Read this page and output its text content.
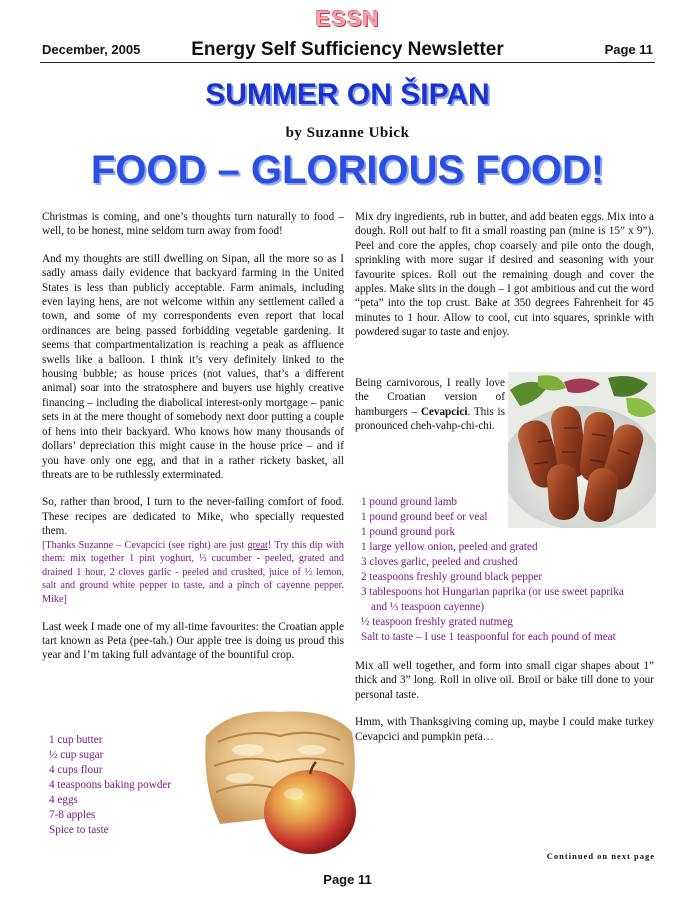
ESSN
December, 2005	Energy Self Sufficiency Newsletter	Page 11
SUMMER ON ŠIPAN
by Suzanne Ubick
FOOD – GLORIOUS FOOD!

Christmas is coming, and one’s thoughts turn naturally to food – well, to be honest, mine seldom turn away from food!

And my thoughts are still dwelling on Sipan, all the more so as I sadly amass daily evidence that backyard farming in the United States is less than publicly acceptable. Farm animals, including even laying hens, are not welcome within any settlement called a town, and some of my correspondents even report that local ordinances are being passed forbidding vegetable gardening. It seems that compartmentalization is reaching a peak as affluence swells like a balloon. I think it’s very definitely linked to the housing bubble; as house prices (not values, that’s a different animal) soar into the stratosphere and buyers use highly creative financing – including the diabolical interest-only mortgage – panic sets in at the mere thought of somebody next door putting a couple of hens into their backyard. Who knows how many thousands of dollars’ depreciation this might cause in the house price – and if you have only one egg, and that in a rather rickety basket, all threats are to be ruthlessly exterminated.

So, rather than brood, I turn to the never-failing comfort of food. These recipes are dedicated to Mike, who specially requested them.

[Thanks Suzanne – Cevapcici (see right) are just great! Try this dip with them: mix together 1 pint yoghurt, ½ cucumber - peeled, grated and drained 1 hour, 2 cloves garlic - peeled and crushed, juice of ½ lemon, salt and ground white pepper to taste, and a pinch of cayenne pepper. Mike]

Last week I made one of my all-time favourites: the Croatian apple tart known as Peta (pee-tah.) Our apple tree is doing us proud this year and I’m taking full advantage of the bountiful crop.

1 cup butter
½ cup sugar
4 cups flour
4 teaspoons baking powder
4 eggs
7-8 apples
Spice to taste

Mix dry ingredients, rub in butter, and add beaten eggs. Mix into a dough. Roll out half to fit a small roasting pan (mine is 15” x 9”). Peel and core the apples, chop coarsely and pile onto the dough, sprinkling with more sugar if desired and seasoning with your favourite spices. Roll out the remaining dough and cover the apples. Make slits in the dough – I got ambitious and cut the word “peta” into the top crust. Bake at 350 degrees Fahrenheit for 45 minutes to 1 hour. Allow to cool, cut into squares, sprinkle with powdered sugar to taste and enjoy.

Being carnivorous, I really love the Croatian version of hamburgers – Cevapcici. This is pronounced cheh-vahp-chi-chi.

1 pound ground lamb
1 pound ground beef or veal
1 pound ground pork
1 large yellow onion, peeled and grated
3 cloves garlic, peeled and crushed
2 teaspoons freshly ground black pepper
3 tablespoons hot Hungarian paprika (or use sweet paprika
and ⅓ teaspoon cayenne)
½ teaspoon freshly grated nutmeg
Salt to taste – I use 1 teaspoonful for each pound of meat

Mix all well together, and form into small cigar shapes about 1” thick and 3” long. Roll in olive oil. Broil or bake till done to your personal taste.

Hmm, with Thanksgiving coming up, maybe I could make turkey Cevapcici and pumpkin peta…

Continued on next page
Page 11
